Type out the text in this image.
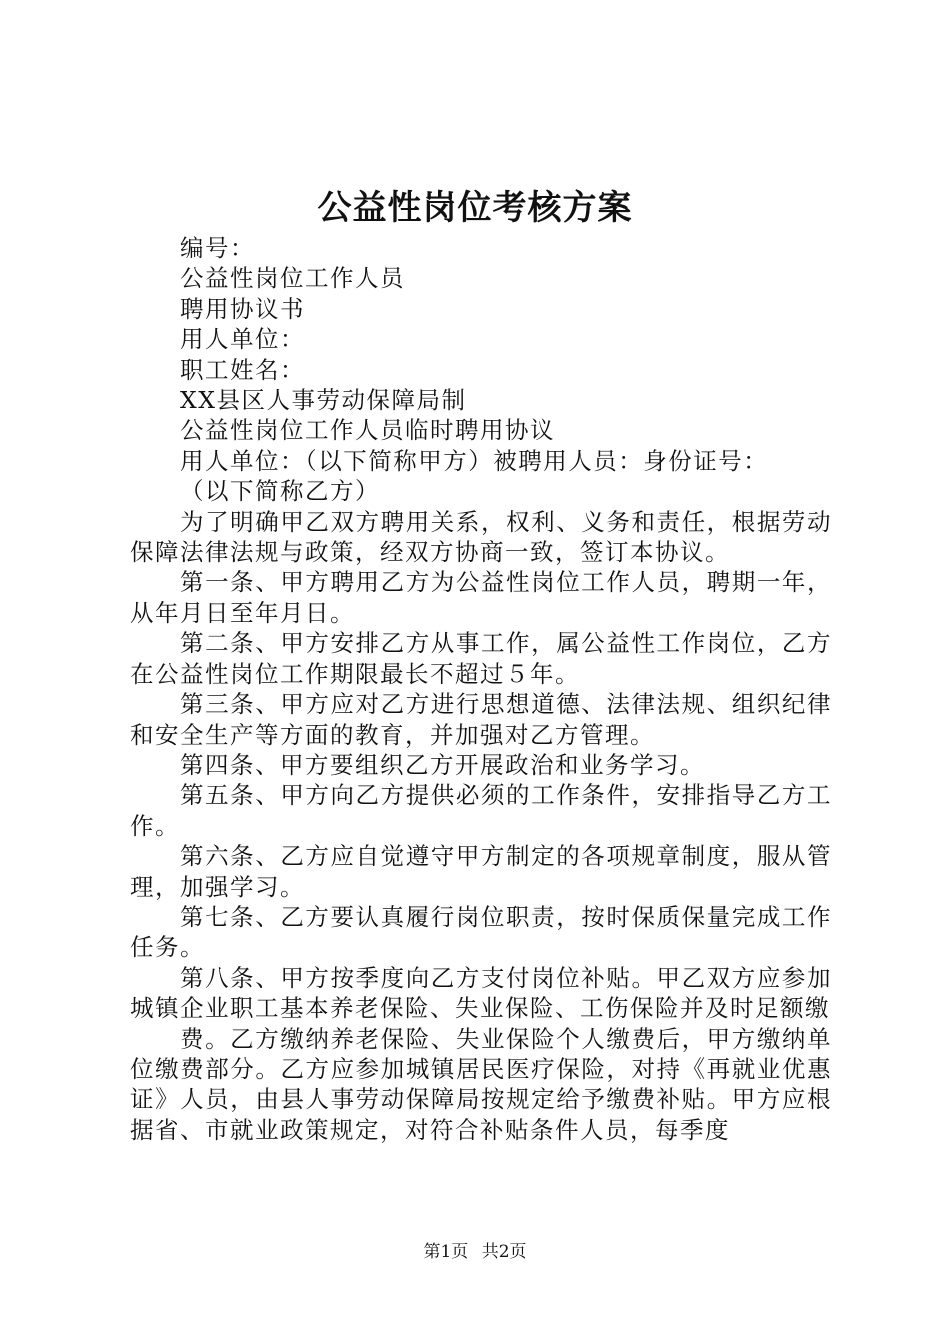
公益性岗位考核方案
编号：
公益性岗位工作人员
聘用协议书
用人单位：
职工姓名：
XX县区人事劳动保障局制
公益性岗位工作人员临时聘用协议
用人单位：（以下简称甲方）被聘用人员：身份证号：
（以下简称乙方）
为了明确甲乙双方聘用关系，权利、义务和责任，根据劳动保障法律法规与政策，经双方协商一致，签订本协议。
第一条、甲方聘用乙方为公益性岗位工作人员，聘期一年，从年月日至年月日。
第二条、甲方安排乙方从事工作，属公益性工作岗位，乙方在公益性岗位工作期限最长不超过５年。
第三条、甲方应对乙方进行思想道德、法律法规、组织纪律和安全生产等方面的教育，并加强对乙方管理。
第四条、甲方要组织乙方开展政治和业务学习。
第五条、甲方向乙方提供必须的工作条件，安排指导乙方工作。
第六条、乙方应自觉遵守甲方制定的各项规章制度，服从管理，加强学习。
第七条、乙方要认真履行岗位职责，按时保质保量完成工作任务。
第八条、甲方按季度向乙方支付岗位补贴。甲乙双方应参加城镇企业职工基本养老保险、失业保险、工伤保险并及时足额缴
费。乙方缴纳养老保险、失业保险个人缴费后，甲方缴纳单位缴费部分。乙方应参加城镇居民医疗保险，对持《再就业优惠证》人员，由县人事劳动保障局按规定给予缴费补贴。甲方应根据省、市就业政策规定，对符合补贴条件人员，每季度
第1页 共2页
